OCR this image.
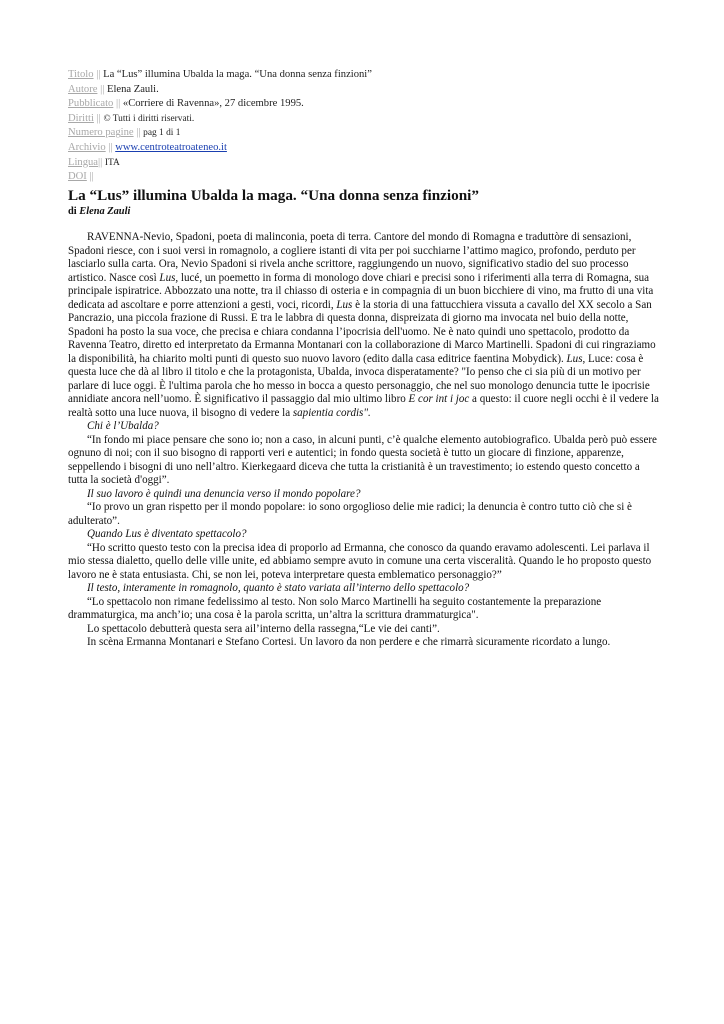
Titolo || La “Lus” illumina Ubalda la maga. “Una donna senza finzioni”
Autore || Elena Zauli.
Pubblicato || «Corriere di Ravenna», 27 dicembre 1995.
Diritti || © Tutti i diritti riservati.
Numero pagine || pag 1 di 1
Archivio || www.centroteatroateneo.it
Lingua|| ITA
DOI ||
La “Lus” illumina Ubalda la maga. “Una donna senza finzioni”
di Elena Zauli

RAVENNA-Nevio, Spadoni, poeta di malinconia, poeta di terra. Cantore del mondo di Romagna e traduttòre di sensazioni, Spadoni riesce, con i suoi versi in romagnolo, a cogliere istanti di vita per poi succhiarne l’attimo magico, profondo, perduto per lasciarlo sulla carta. Ora, Nevio Spadoni si rivela anche scrittore, raggiungendo un nuovo, significativo stadio del suo processo artistico. Nasce così Lus, lucé, un poemetto in forma di monologo dove chiari e precisi sono i riferimenti alla terra di Romagna, sua principale ispiratrice. Abbozzato una notte, tra il chiasso di osteria e in compagnia di un buon bicchiere di vino, ma frutto di una vita dedicata ad ascoltare e porre attenzioni a gesti, voci, ricordi, Lus è la storia di una fattucchiera vissuta a cavallo del XX secolo a San Pancrazio, una piccola frazione di Russi. E tra le labbra di questa donna, dispreizata di giorno ma invocata nel buio della notte, Spadoni ha posto la sua voce, che precisa e chiara condanna l’ipocrisia dell'uomo. Ne è nato quindi uno spettacolo, prodotto da Ravenna Teatro, diretto ed interpretato da Ermanna Montanari con la collaborazione di Marco Martinelli. Spadoni di cui ringraziamo la disponibilità, ha chiarito molti punti di questo suo nuovo lavoro (edito dalla casa editrice faentina Mobydick). Lus, Luce: cosa è questa luce che dà al libro il titolo e che la protagonista, Ubalda, invoca disperatamente? "Io penso che ci sia più di un motivo per parlare di luce oggi. È l'ultima parola che ho messo in bocca a questo personaggio, che nel suo monologo denuncia tutte le ipocrisie annidiate ancora nell’uomo. È significativo il passaggio dal mio ultimo libro E cor int i joc a questo: il cuore negli occhi è il vedere la realtà sotto una luce nuova, il bisogno di vedere la sapientia cordis".

Chi è l’Ubalda?

“In fondo mi piace pensare che sono io; non a caso, in alcuni punti, c’è qualche elemento autobiografico. Ubalda però può essere ognuno di noi; con il suo bisogno di rapporti veri e autentici; in fondo questa società è tutto un giocare di finzione, apparenze, seppellendo i bisogni di uno nell’altro. Kierkegaard diceva che tutta la cristianità è un travestimento; io estendo questo concetto a tutta la società d'oggi”.

Il suo lavoro è quindi una denuncia verso il mondo popolare?

“Io provo un gran rispetto per il mondo popolare: io sono orgoglioso delie mie radici; la denuncia è contro tutto ciò che si è adulterato”.

Quando Lus è diventato spettacolo?

“Ho scritto questo testo con la precisa idea di proporlo ad Ermanna, che conosco da quando eravamo adolescenti. Lei parlava il mio stessa dialetto, quello delle ville unite, ed abbiamo sempre avuto in comune una certa visceralità. Quando le ho proposto questo lavoro ne è stata entusiasta. Chi, se non lei, poteva interpretare questa emblematico personaggio?”

Il testo, interamente in romagnolo, quanto è stato variata all’interno dello spettacolo?

“Lo spettacolo non rimane fedelissimo al testo. Non solo Marco Martinelli ha seguito costantemente la preparazione drammaturgica, ma anch’io; una cosa è la parola scritta, un’altra la scrittura drammaturgica".

Lo spettacolo debutterà questa sera ail’interno della rassegna,“Le vie dei canti”.

In scèna Ermanna Montanari e Stefano Cortesi. Un lavoro da non perdere e che rimarrà sicuramente ricordato a lungo.
